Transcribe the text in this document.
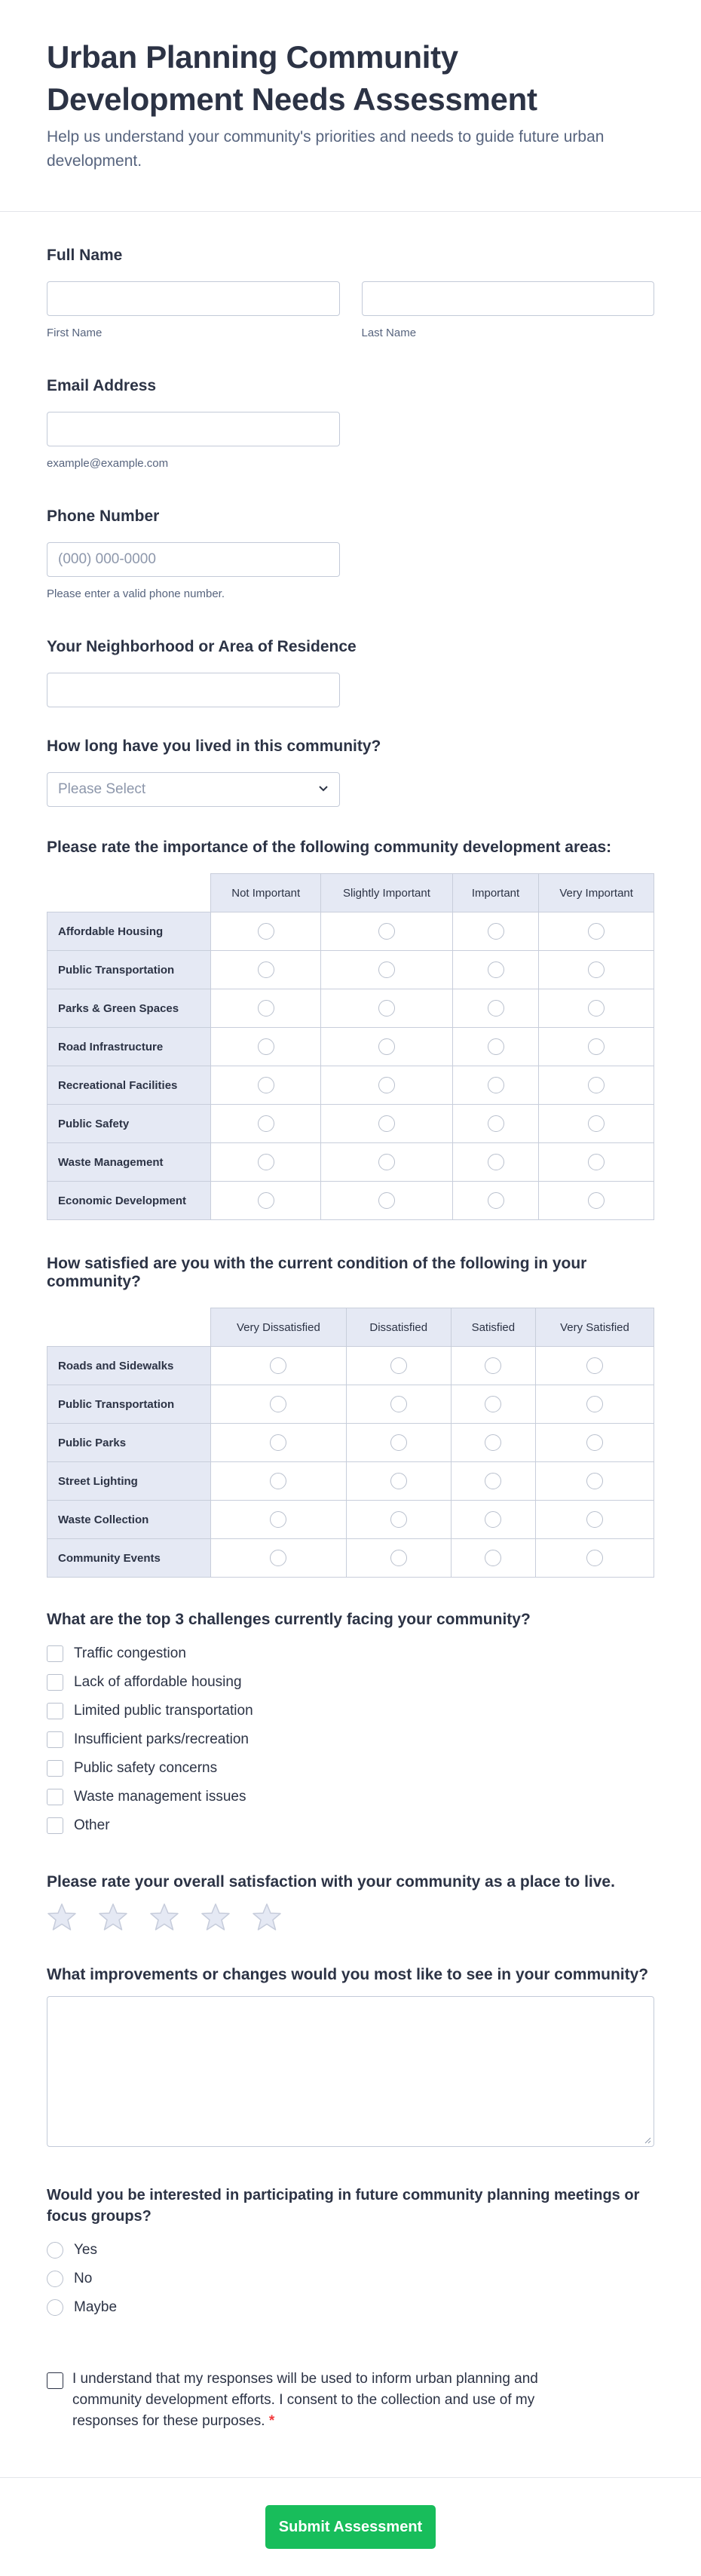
Urban Planning Community Development Needs Assessment
Help us understand your community's priorities and needs to guide future urban development.
Full Name
First Name	Last Name
Email Address
example@example.com
Phone Number
(000) 000-0000
Please enter a valid phone number.
Your Neighborhood or Area of Residence
How long have you lived in this community?
Please Select
Please rate the importance of the following community development areas:
	Not Important	Slightly Important	Important	Very Important
Affordable Housing				
Public Transportation				
Parks & Green Spaces				
Road Infrastructure				
Recreational Facilities				
Public Safety				
Waste Management				
Economic Development				
How satisfied are you with the current condition of the following in your community?
	Very Dissatisfied	Dissatisfied	Satisfied	Very Satisfied
Roads and Sidewalks				
Public Transportation				
Public Parks				
Street Lighting				
Waste Collection				
Community Events				
What are the top 3 challenges currently facing your community?
Traffic congestion
Lack of affordable housing
Limited public transportation
Insufficient parks/recreation
Public safety concerns
Waste management issues
Other
Please rate your overall satisfaction with your community as a place to live.
What improvements or changes would you most like to see in your community?
Would you be interested in participating in future community planning meetings or focus groups?
Yes
No
Maybe
I understand that my responses will be used to inform urban planning and community development efforts. I consent to the collection and use of my responses for these purposes. *
Submit Assessment
